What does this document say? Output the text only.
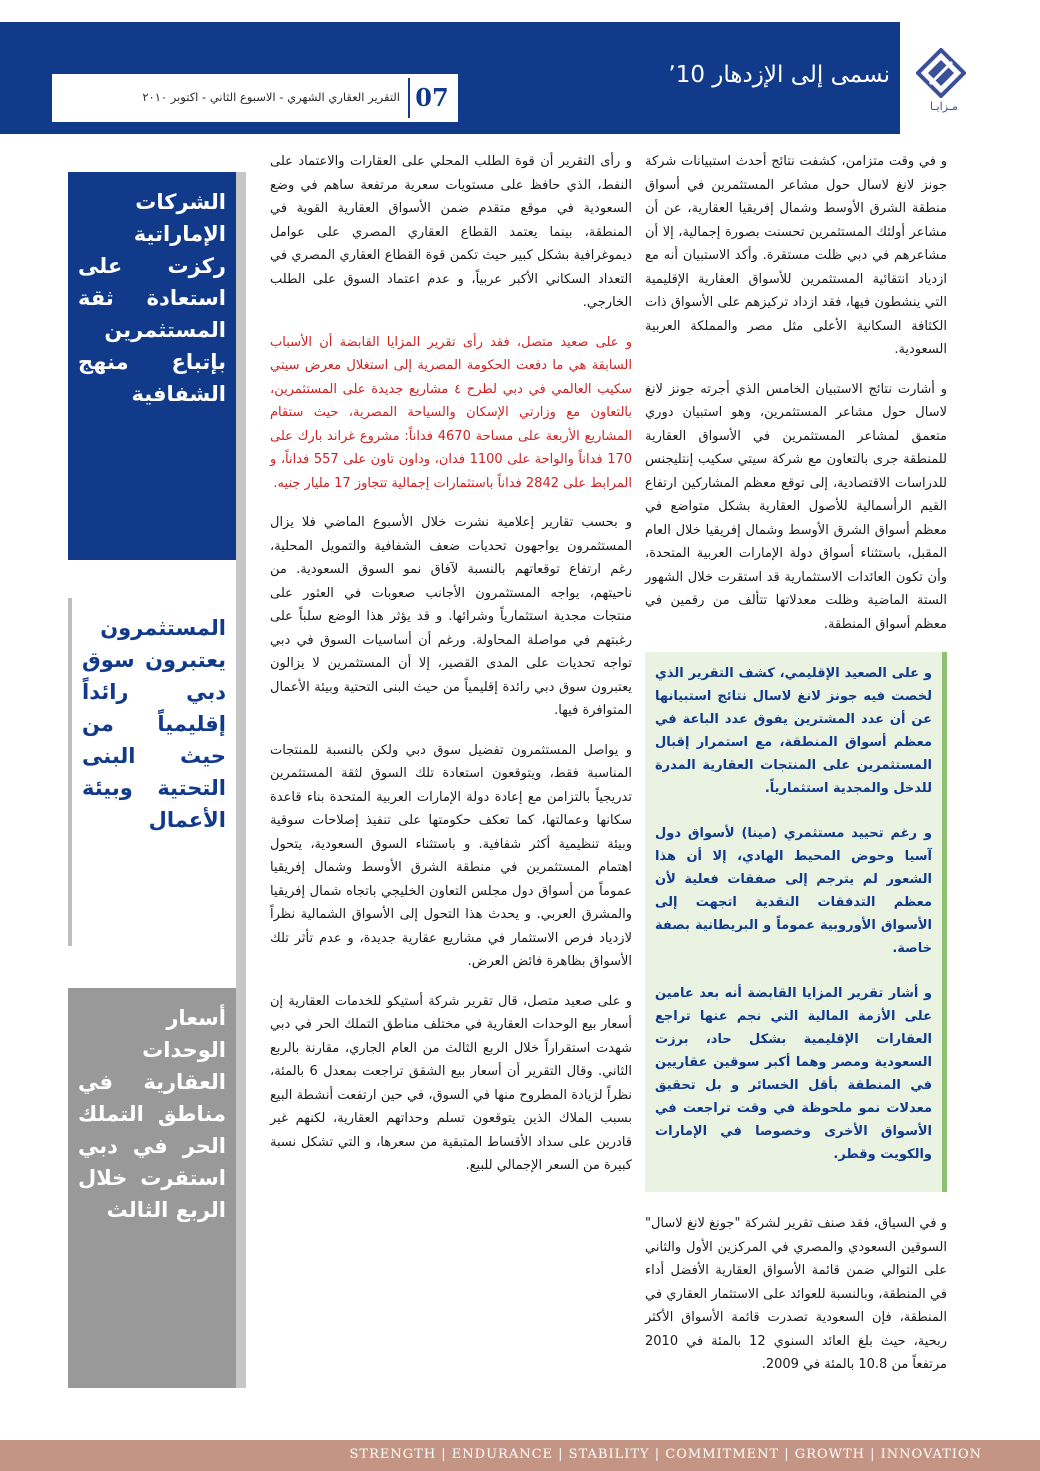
مـزايـا
نسمى إلى الإزدهار ٬10
07
التقرير العقاري الشهري - الاسبوع الثاني - اكتوبر ٢٠١٠

و في وقت متزامن، كشفت نتائج أحدث استبيانات شركة جونز لانغ لاسال حول مشاعر المستثمرين في أسواق منطقة الشرق الأوسط وشمال إفريقيا العقارية، عن أن مشاعر أولئك المستثمرين تحسنت بصورة إجمالية، إلا أن مشاعرهم في دبي ظلت مستقرة. وأكد الاستبيان أنه مع ازدياد انتقائية المستثمرين للأسواق العقارية الإقليمية التي ينشطون فيها، فقد ازداد تركيزهم على الأسواق ذات الكثافة السكانية الأعلى مثل مصر والمملكة العربية السعودية.

و أشارت نتائج الاستبيان الخامس الذي أجرته جونز لانغ لاسال حول مشاعر المستثمرين، وهو استبيان دوري متعمق لمشاعر المستثمرين في الأسواق العقارية للمنطقة جرى بالتعاون مع شركة سيتي سكيب إنتليجنس للدراسات الاقتصادية، إلى توقع معظم المشاركين ارتفاع القيم الرأسمالية للأصول العقارية بشكل متواضع في معظم أسواق الشرق الأوسط وشمال إفريقيا خلال العام المقبل، باستثناء أسواق دولة الإمارات العربية المتحدة، وأن تكون العائدات الاستثمارية قد استقرت خلال الشهور الستة الماضية وظلت معدلاتها تتألف من رقمين في معظم أسواق المنطقة.

و على الصعيد الإقليمي، كشف التقرير الذي لخصت فيه جونز لانغ لاسال نتائج استبيانها عن أن عدد المشترين يفوق عدد الباعة في معظم أسواق المنطقة، مع استمرار إقبال المستثمرين على المنتجات العقارية المدرة للدخل والمجدية استثمارياً.

و رغم تحييد مستثمري (مينا) لأسواق دول آسيا وحوض المحيط الهادي، إلا أن هذا الشعور لم يترجم إلى صفقات فعلية لأن معظم التدفقات النقدية اتجهت إلى الأسواق الأوروبية عموماً و البريطانية بصفة خاصة.

و أشار تقرير المزايا القابضة أنه بعد عامين على الأزمة المالية التي نجم عنها تراجع العقارات الإقليمية بشكل حاد، برزت السعودية ومصر وهما أكبر سوقين عقاريين في المنطقة بأقل الخسائر و بل تحقيق معدلات نمو ملحوظة في وقت تراجعت في الأسواق الأخرى وخصوصا في الإمارات والكويت وقطر.

و في السياق، فقد صنف تقرير لشركة "جونغ لانغ لاسال" السوقين السعودي والمصري في المركزين الأول والثاني على التوالي ضمن قائمة الأسواق العقارية الأفضل أداء في المنطقة، وبالنسبة للعوائد على الاستثمار العقاري في المنطقة، فإن السعودية تصدرت قائمة الأسواق الأكثر ربحية، حيث بلغ العائد السنوي 12 بالمئة في 2010 مرتفعاً من 10.8 بالمئة في 2009.

و رأى التقرير أن قوة الطلب المحلي على العقارات والاعتماد على النفط، الذي حافظ على مستويات سعرية مرتفعة ساهم في وضع السعودية في موقع متقدم ضمن الأسواق العقارية القوية في المنطقة، بينما يعتمد القطاع العقاري المصري على عوامل ديموغرافية بشكل كبير حيث تكمن قوة القطاع العقاري المصري في التعداد السكاني الأكبر عربياً، و عدم اعتماد السوق على الطلب الخارجي.

و على صعيد متصل، فقد رأى تقرير المزايا القابضة أن الأسباب السابقة هي ما دفعت الحكومة المصرية إلى استغلال معرض سيتي سكيب العالمي في دبي لطرح ٤ مشاريع جديدة على المستثمرين، بالتعاون مع وزارتي الإسكان والسياحة المصرية، حيث ستقام المشاريع الأربعة على مساحة 4670 فداناً: مشروع غراند بارك على 170 فداناً والواحة على 1100 فدان، وداون تاون على 557 فداناً، و المرابط على 2842 فداناً باستثمارات إجمالية تتجاوز 17 مليار جنيه.

و بحسب تقارير إعلامية نشرت خلال الأسبوع الماضي فلا يزال المستثمرون يواجهون تحديات ضعف الشفافية والتمويل المحلية، رغم ارتفاع توقعاتهم بالنسبة لآفاق نمو السوق السعودية. من ناحيتهم، يواجه المستثمرون الأجانب صعوبات في العثور على منتجات مجدية استثمارياً وشرائها. و قد يؤثر هذا الوضع سلباً على رغبتهم في مواصلة المحاولة. ورغم أن أساسيات السوق في دبي تواجه تحديات على المدى القصير، إلا أن المستثمرين لا يزالون يعتبرون سوق دبي رائدة إقليمياً من حيث البنى التحتية وبيئة الأعمال المتوافرة فيها.

و يواصل المستثمرون تفضيل سوق دبي ولكن بالنسبة للمنتجات المناسبة فقط، ويتوقعون استعادة تلك السوق لثقة المستثمرين تدريجياً بالتزامن مع إعادة دولة الإمارات العربية المتحدة بناء قاعدة سكانها وعمالتها، كما تعكف حكومتها على تنفيذ إصلاحات سوقية وبيئة تنظيمية أكثر شفافية. و باستثناء السوق السعودية، يتحول اهتمام المستثمرين في منطقة الشرق الأوسط وشمال إفريقيا عموماً من أسواق دول مجلس التعاون الخليجي باتجاه شمال إفريقيا والمشرق العربي. و يحدث هذا التحول إلى الأسواق الشمالية نظراً لازدياد فرص الاستثمار في مشاريع عقارية جديدة، و عدم تأثر تلك الأسواق بظاهرة فائض العرض.

و على صعيد متصل، قال تقرير شركة أستيكو للخدمات العقارية إن أسعار بيع الوحدات العقارية في مختلف مناطق التملك الحر في دبي شهدت استقراراً خلال الربع الثالث من العام الجاري، مقارنة بالربع الثاني. وقال التقرير أن أسعار بيع الشقق تراجعت بمعدل 6 بالمئة، نظراً لزيادة المطروح منها في السوق، في حين ارتفعت أنشطة البيع بسبب الملاك الذين يتوقعون تسلم وحداتهم العقارية، لكنهم غير قادرين على سداد الأقساط المتبقية من سعرها، و التي تشكل نسبة كبيرة من السعر الإجمالي للبيع.

الشركات الإماراتية ركزت على استعادة ثقة المستثمرين بإتباع منهج الشفافية
المستثمرون يعتبرون سوق دبي رائداً إقليمياً من حيث البنى التحتية وبيئة الأعمال
أسعار الوحدات العقارية في مناطق التملك الحر في دبي استقرت خلال الربع الثالث
STRENGTH | ENDURANCE | STABILITY | COMMITMENT | GROWTH | INNOVATION
